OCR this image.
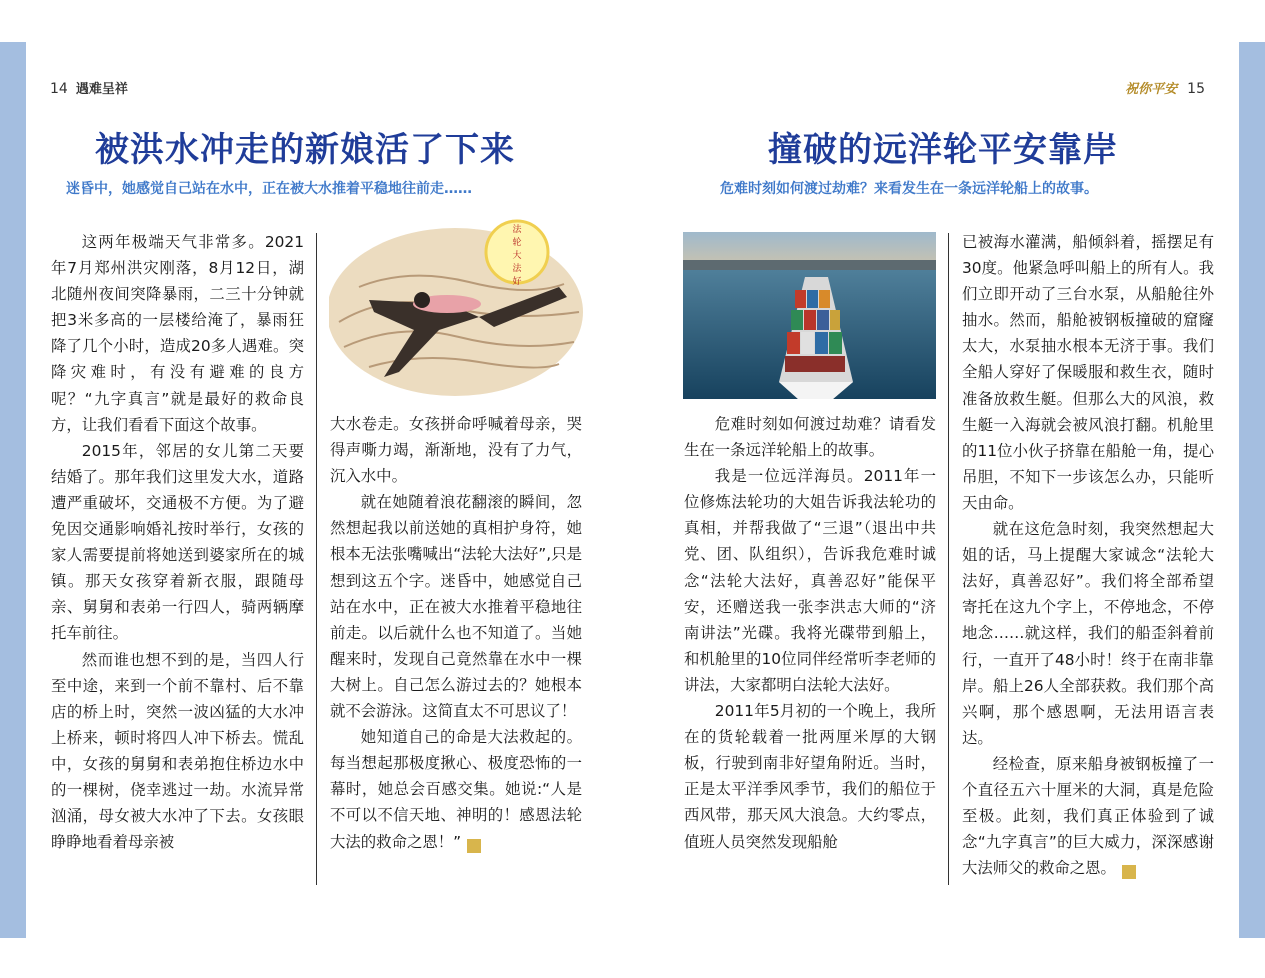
14 遇难呈祥
被洪水冲走的新娘活了下来
迷昏中，她感觉自己站在水中，正在被大水推着平稳地往前走……

这两年极端天气非常多。2021年7月郑州洪灾刚落，8月12日，湖北随州夜间突降暴雨，二三十分钟就把3米多高的一层楼给淹了，暴雨狂降了几个小时，造成20多人遇难。突降灾难时，有没有避难的良方呢？“九字真言”就是最好的救命良方，让我们看看下面这个故事。

2015年，邻居的女儿第二天要结婚了。那年我们这里发大水，道路遭严重破坏，交通极不方便。为了避免因交通影响婚礼按时举行，女孩的家人需要提前将她送到婆家所在的城镇。那天女孩穿着新衣服，跟随母亲、舅舅和表弟一行四人，骑两辆摩托车前往。

然而谁也想不到的是，当四人行至中途，来到一个前不靠村、后不靠店的桥上时，突然一波凶猛的大水冲上桥来，顿时将四人冲下桥去。慌乱中，女孩的舅舅和表弟抱住桥边水中的一棵树，侥幸逃过一劫。水流异常汹涌，母女被大水冲了下去。女孩眼睁睁地看着母亲被

法
轮
大
法
好

大水卷走。女孩拼命呼喊着母亲，哭得声嘶力竭，渐渐地，没有了力气，沉入水中。

就在她随着浪花翻滚的瞬间，忽然想起我以前送她的真相护身符，她根本无法张嘴喊出“法轮大法好”,只是想到这五个字。迷昏中，她感觉自己站在水中，正在被大水推着平稳地往前走。以后就什么也不知道了。当她醒来时，发现自己竟然靠在水中一棵大树上。自己怎么游过去的？她根本就不会游泳。这简直太不可思议了！

她知道自己的命是大法救起的。每当想起那极度揪心、极度恐怖的一幕时，她总会百感交集。她说:“人是不可以不信天地、神明的！感恩法轮大法的救命之恩！”	平

祝你平安 15
撞破的远洋轮平安靠岸
危难时刻如何渡过劫难？来看发生在一条远洋轮船上的故事。

危难时刻如何渡过劫难？请看发生在一条远洋轮船上的故事。

我是一位远洋海员。2011年一位修炼法轮功的大姐告诉我法轮功的真相，并帮我做了“三退”（退出中共党、团、队组织），告诉我危难时诚念“法轮大法好，真善忍好”能保平安，还赠送我一张李洪志大师的“济南讲法”光碟。我将光碟带到船上，和机舱里的10位同伴经常听李老师的讲法，大家都明白法轮大法好。

2011年5月初的一个晚上，我所在的货轮载着一批两厘米厚的大钢板，行驶到南非好望角附近。当时，正是太平洋季风季节，我们的船位于西风带，那天风大浪急。大约零点，值班人员突然发现船舱

已被海水灌满，船倾斜着，摇摆足有30度。他紧急呼叫船上的所有人。我们立即开动了三台水泵，从船舱往外抽水。然而，船舱被钢板撞破的窟窿太大，水泵抽水根本无济于事。我们全船人穿好了保暖服和救生衣，随时准备放救生艇。但那么大的风浪，救生艇一入海就会被风浪打翻。机舱里的11位小伙子挤靠在船舱一角，提心吊胆，不知下一步该怎么办，只能听天由命。

就在这危急时刻，我突然想起大姐的话，马上提醒大家诚念“法轮大法好，真善忍好”。我们将全部希望寄托在这九个字上，不停地念，不停地念……就这样，我们的船歪斜着前行，一直开了48小时！终于在南非靠岸。船上26人全部获救。我们那个高兴啊，那个感恩啊，无法用语言表达。

经检查，原来船身被钢板撞了一个直径五六十厘米的大洞，真是危险至极。此刻，我们真正体验到了诚念“九字真言”的巨大威力，深深感谢大法师父的救命之恩。	平
